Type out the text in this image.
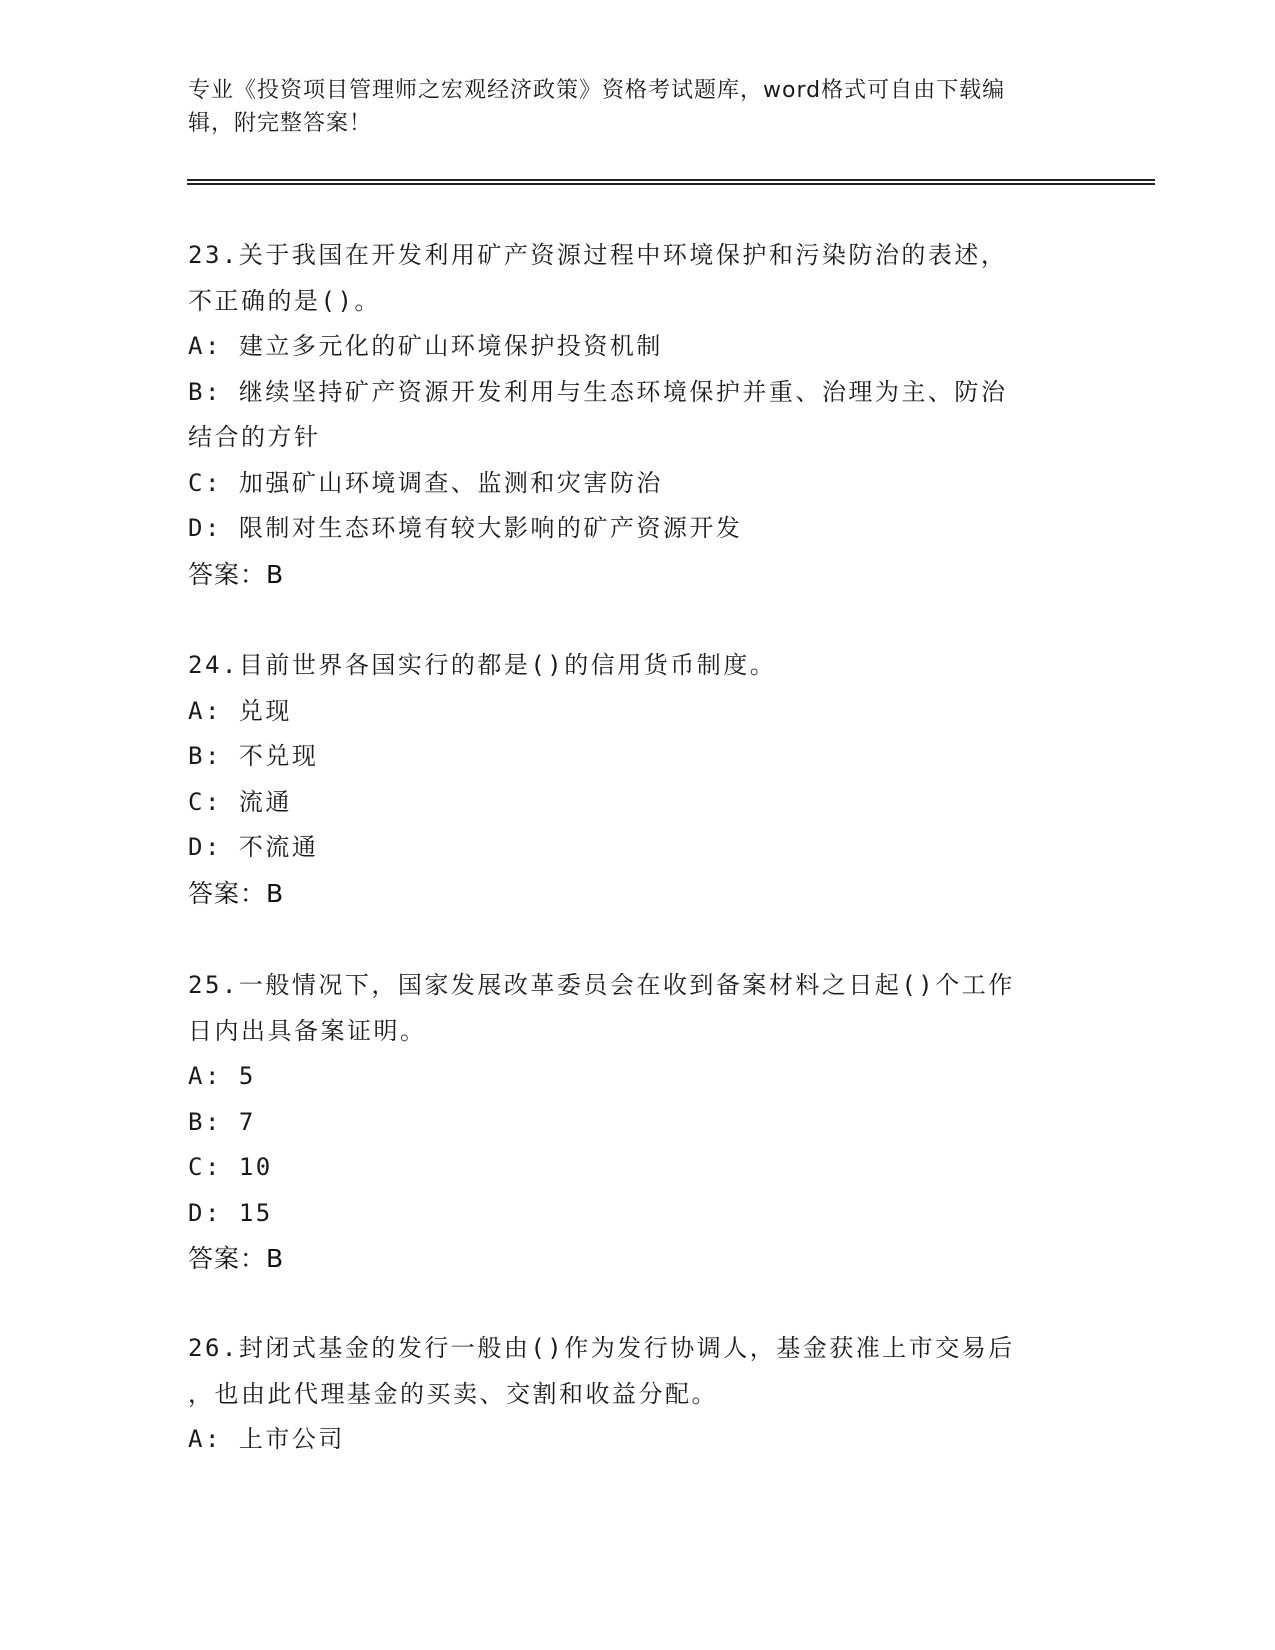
专业《投资项目管理师之宏观经济政策》资格考试题库，word格式可自由下载编
辑，附完整答案！
23.关于我国在开发利用矿产资源过程中环境保护和污染防治的表述，
不正确的是()。
A: 建立多元化的矿山环境保护投资机制
B: 继续坚持矿产资源开发利用与生态环境保护并重、治理为主、防治
结合的方针
C: 加强矿山环境调查、监测和灾害防治
D: 限制对生态环境有较大影响的矿产资源开发
答案：B
24.目前世界各国实行的都是()的信用货币制度。
A: 兑现
B: 不兑现
C: 流通
D: 不流通
答案：B
25.一般情况下，国家发展改革委员会在收到备案材料之日起()个工作
日内出具备案证明。
A: 5
B: 7
C: 10
D: 15
答案：B
26.封闭式基金的发行一般由()作为发行协调人，基金获准上市交易后
，也由此代理基金的买卖、交割和收益分配。
A: 上市公司
